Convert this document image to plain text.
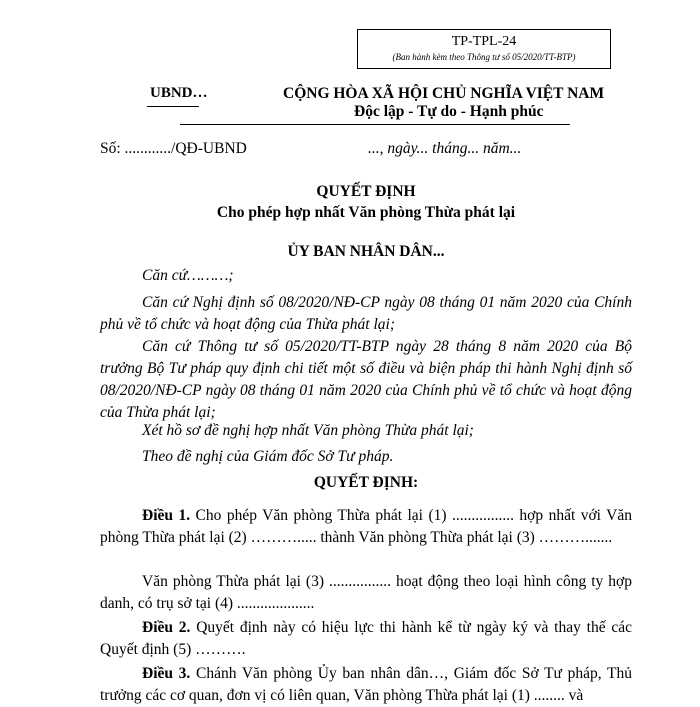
TP-TPL-24
(Ban hành kèm theo Thông tư số 05/2020/TT-BTP)
UBND…	CỘNG HÒA XÃ HỘI CHỦ NGHĨA VIỆT NAM
Độc lập - Tự do - Hạnh phúc
Số: ............/QĐ-UBND	..., ngày... tháng... năm...
QUYẾT ĐỊNH
Cho phép hợp nhất Văn phòng Thừa phát lại
ỦY BAN NHÂN DÂN...
Căn cứ………;
Căn cứ Nghị định số 08/2020/NĐ-CP ngày 08 tháng 01 năm 2020 của Chính phủ về tổ chức và hoạt động của Thừa phát lại;
Căn cứ Thông tư số 05/2020/TT-BTP ngày 28 tháng 8 năm 2020 của Bộ trưởng Bộ Tư pháp quy định chi tiết một số điều và biện pháp thi hành Nghị định số 08/2020/NĐ-CP ngày 08 tháng 01 năm 2020 của Chính phủ về tổ chức và hoạt động của Thừa phát lại;
Xét hồ sơ đề nghị hợp nhất Văn phòng Thừa phát lại;
Theo đề nghị của Giám đốc Sở Tư pháp.
QUYẾT ĐỊNH:
Điều 1. Cho phép Văn phòng Thừa phát lại (1) ................ hợp nhất với Văn phòng Thừa phát lại (2) ………..... thành Văn phòng Thừa phát lại (3) ……….......
Văn phòng Thừa phát lại (3) ................ hoạt động theo loại hình công ty hợp danh, có trụ sở tại (4) ....................
Điều 2. Quyết định này có hiệu lực thi hành kể từ ngày ký và thay thế các Quyết định (5) ……….
Điều 3. Chánh Văn phòng Ủy ban nhân dân…, Giám đốc Sở Tư pháp, Thủ trưởng các cơ quan, đơn vị có liên quan, Văn phòng Thừa phát lại (1) ........ và
